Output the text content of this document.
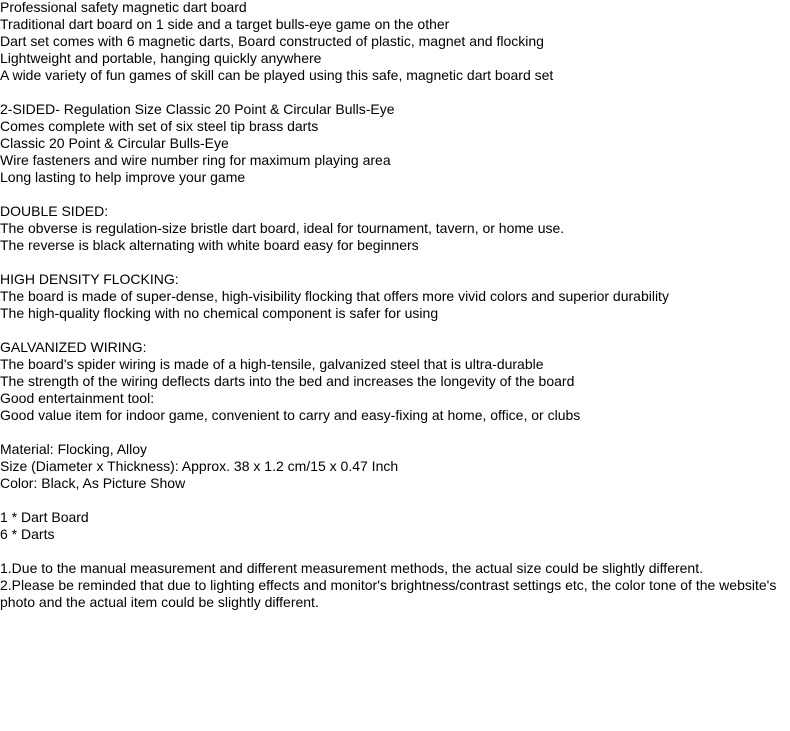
Professional safety magnetic dart board
Traditional dart board on 1 side and a target bulls-eye game on the other
Dart set comes with 6 magnetic darts, Board constructed of plastic, magnet and flocking
Lightweight and portable, hanging quickly anywhere
A wide variety of fun games of skill can be played using this safe, magnetic dart board set
2-SIDED- Regulation Size Classic 20 Point & Circular Bulls-Eye
Comes complete with set of six steel tip brass darts
Classic 20 Point & Circular Bulls-Eye
Wire fasteners and wire number ring for maximum playing area
Long lasting to help improve your game
DOUBLE SIDED:
The obverse is regulation-size bristle dart board, ideal for tournament, tavern, or home use.
The reverse is black alternating with white board easy for beginners
HIGH DENSITY FLOCKING:
The board is made of super-dense, high-visibility flocking that offers more vivid colors and superior durability
The high-quality flocking with no chemical component is safer for using
GALVANIZED WIRING:
The board's spider wiring is made of a high-tensile, galvanized steel that is ultra-durable
The strength of the wiring deflects darts into the bed and increases the longevity of the board
Good entertainment tool:
Good value item for indoor game, convenient to carry and easy-fixing at home, office, or clubs
Material: Flocking, Alloy
Size (Diameter x Thickness): Approx. 38 x 1.2 cm/15 x 0.47 Inch
Color: Black, As Picture Show
1 * Dart Board
6 * Darts
1.Due to the manual measurement and different measurement methods, the actual size could be slightly different.
2.Please be reminded that due to lighting effects and monitor's brightness/contrast settings etc, the color tone of the website's photo and the actual item could be slightly different.
